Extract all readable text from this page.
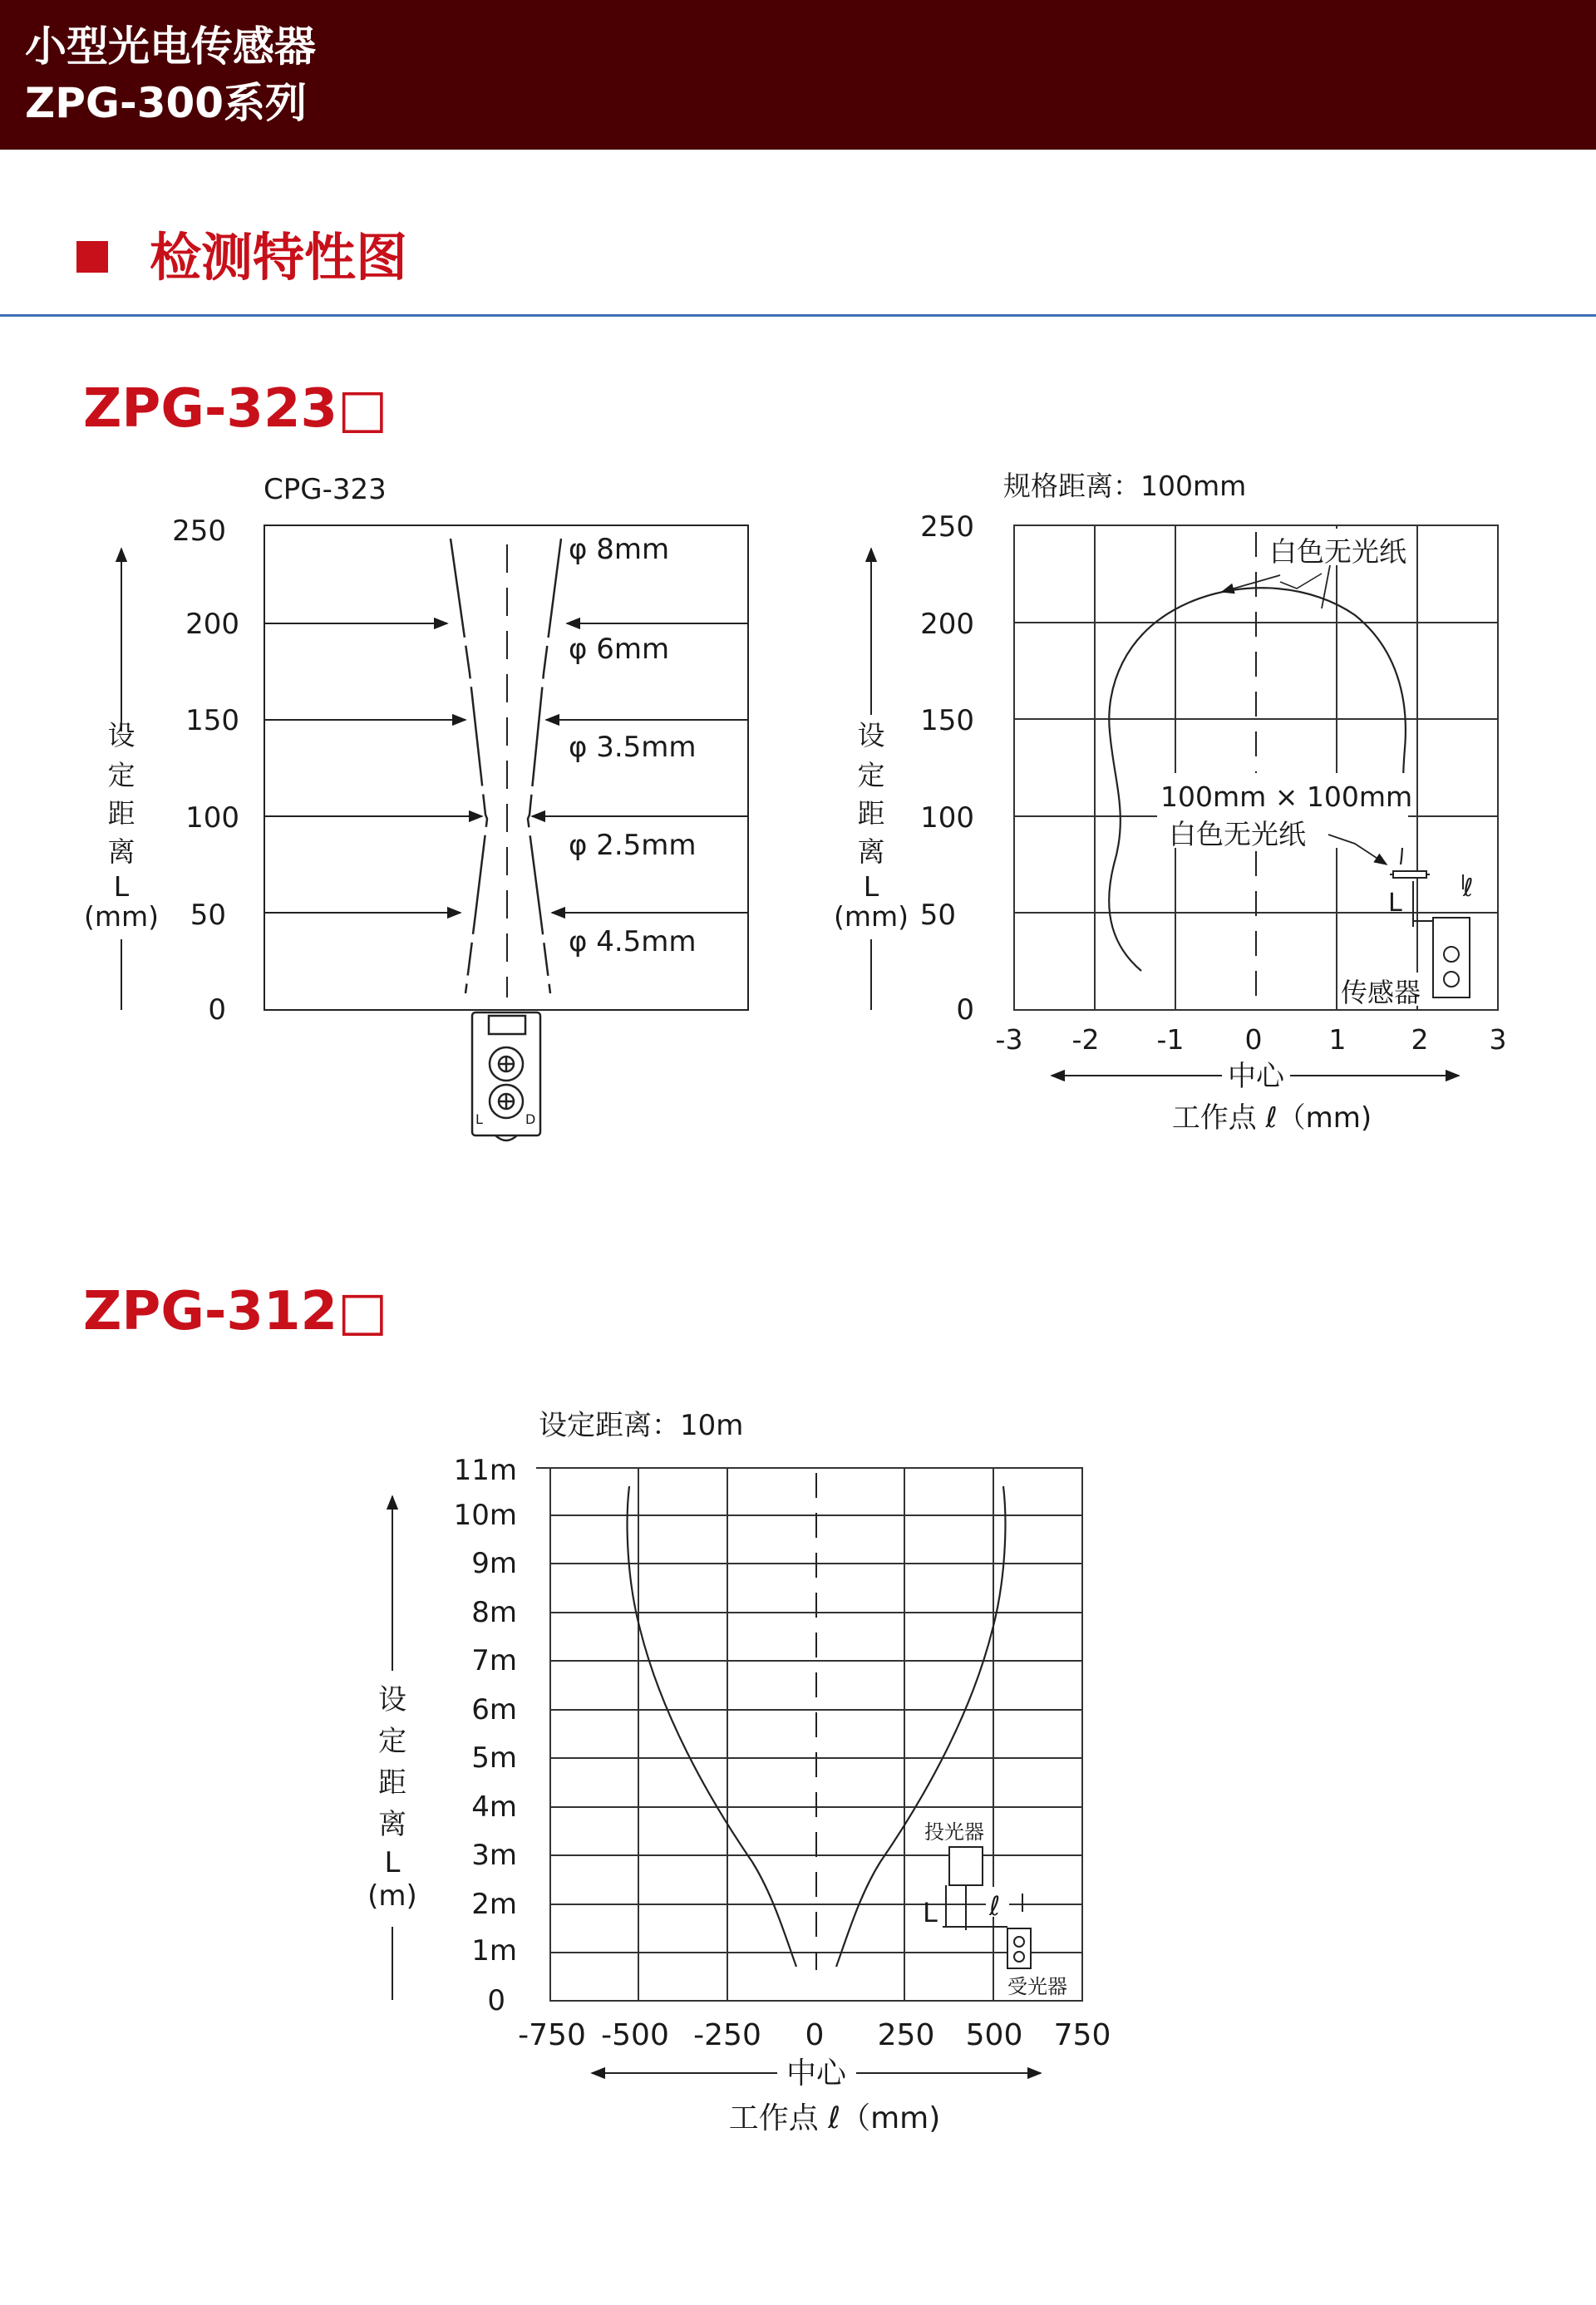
小型光电传感器
ZPG-300系列
检测特性图
ZPG-323□
ZPG-312□
CPG-323
设
定
距
离
L
(mm)
250
200
150
100
50
0
φ 8mm
φ 6mm
φ 3.5mm
φ 2.5mm
φ 4.5mm
L	D
规格距离：100mm
设
定
距
离
L
(mm)
250
200
150
100
50
0
-3 -2 -1 0 1 2 3
中心
工作点 ℓ（mm)
白色无光纸
100mm × 100mm
白色无光纸
L
ℓ
传感器
设定距离：10m
设
定
距
离
L
(m)
11m
10m
9m
8m
7m
6m
5m
4m
3m
2m
1m
0
-750 -500 -250 0 250 500 750
中心
工作点 ℓ（mm)
投光器
L ℓ
受光器
